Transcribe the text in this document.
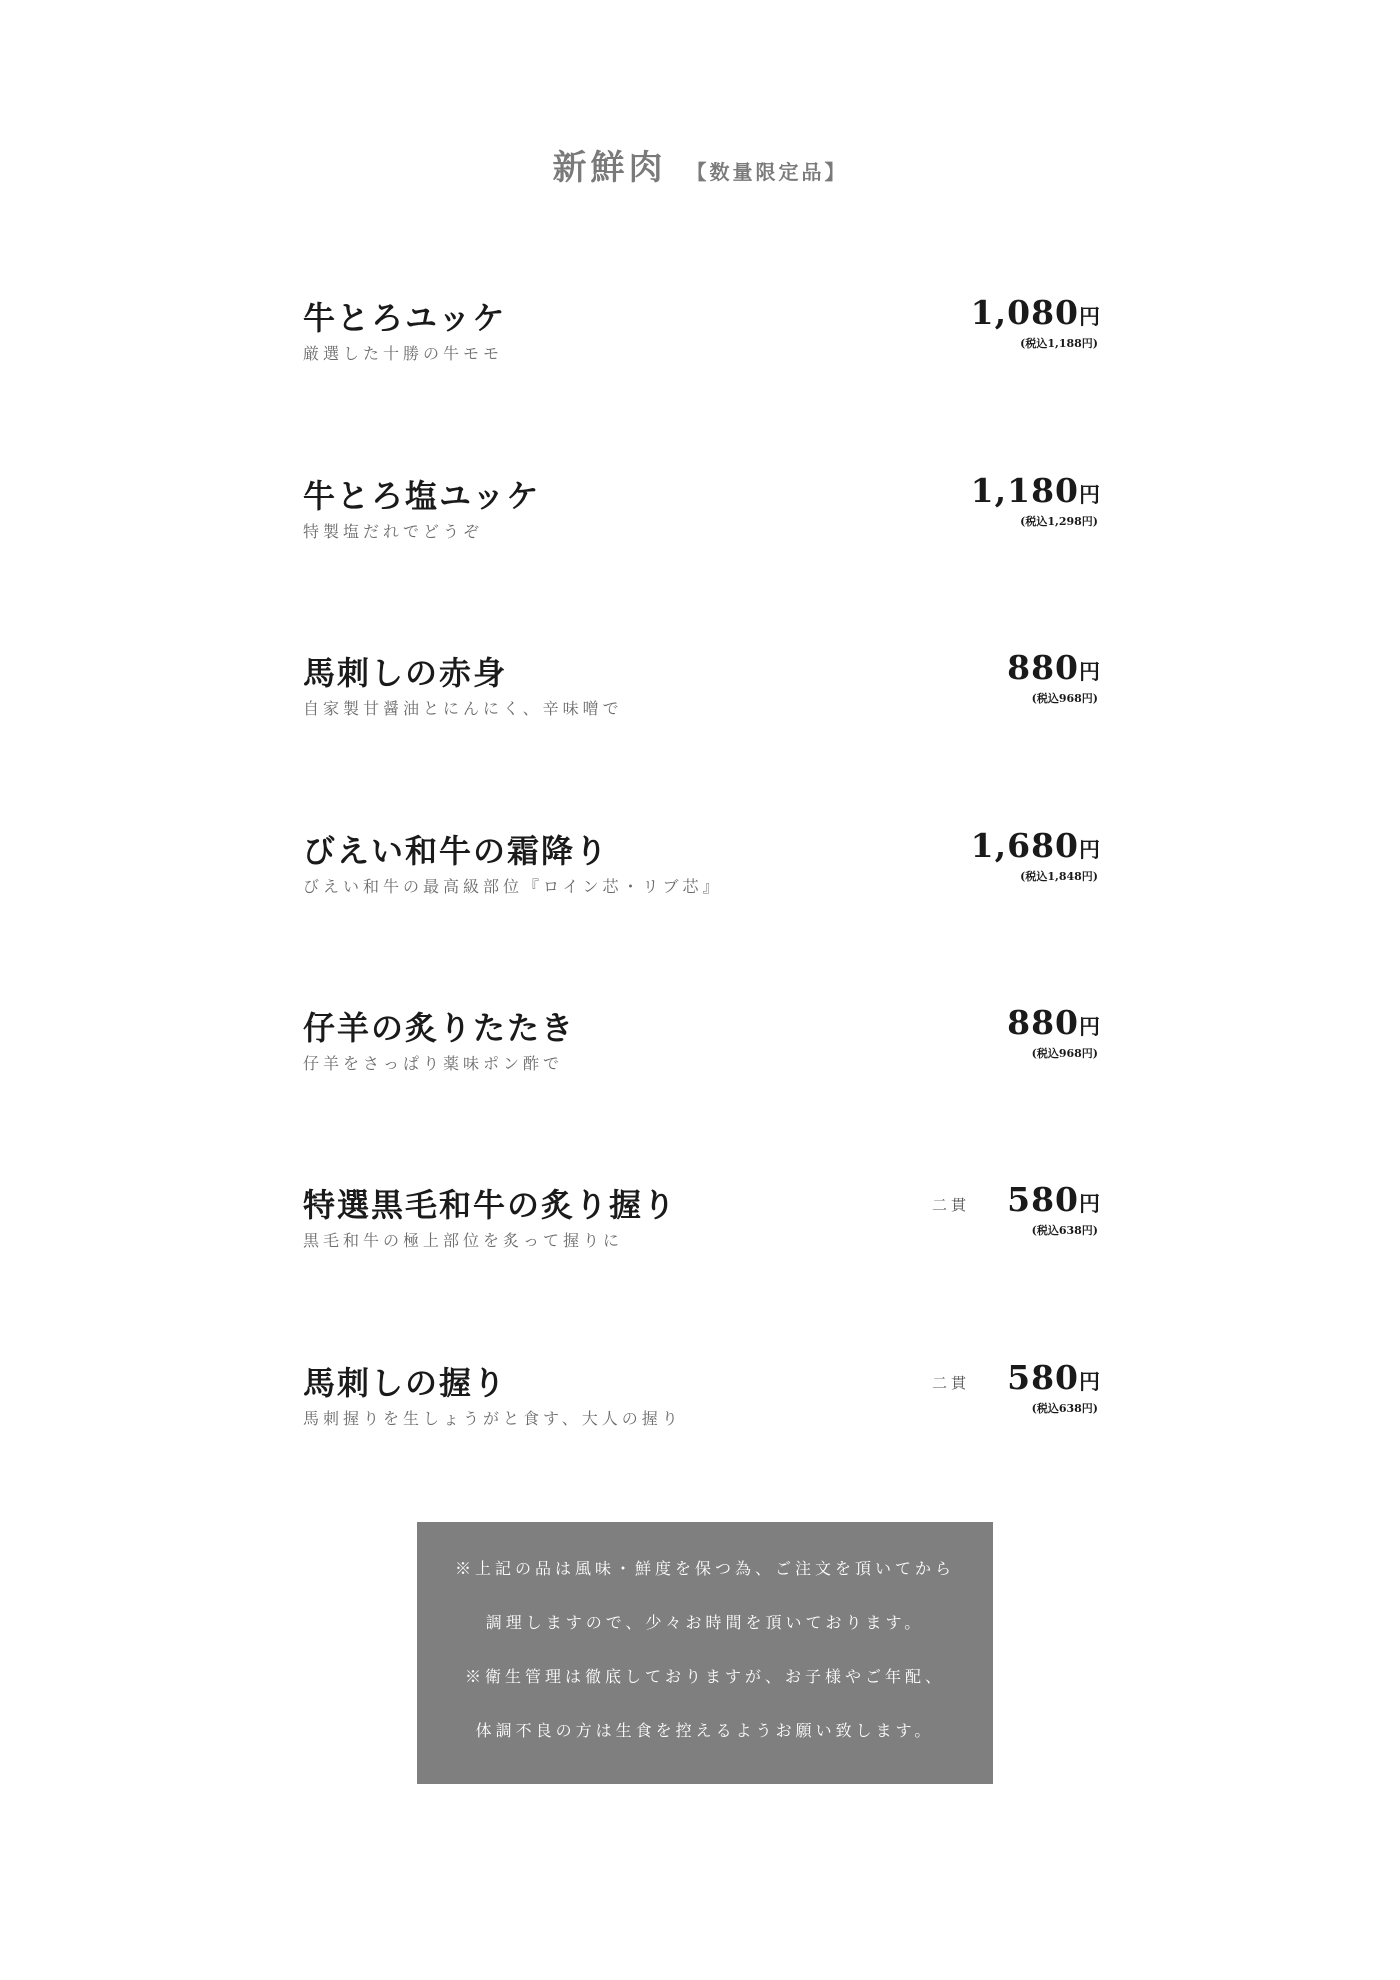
新鮮肉 【数量限定品】
牛とろユッケ
厳選した十勝の牛モモ
1,080円
(税込1,188円)
牛とろ塩ユッケ
特製塩だれでどうぞ
1,180円
(税込1,298円)
馬刺しの赤身
自家製甘醤油とにんにく、辛味噌で
880円
(税込968円)
びえい和牛の霜降り
びえい和牛の最高級部位『ロイン芯・リブ芯』
1,680円
(税込1,848円)
仔羊の炙りたたき
仔羊をさっぱり薬味ポン酢で
880円
(税込968円)
特選黒毛和牛の炙り握り
黒毛和牛の極上部位を炙って握りに
二貫	580円
(税込638円)
馬刺しの握り
馬刺握りを生しょうがと食す、大人の握り
二貫	580円
(税込638円)
※上記の品は風味・鮮度を保つ為、ご注文を頂いてから
調理しますので、少々お時間を頂いております。
※衛生管理は徹底しておりますが、お子様やご年配、
体調不良の方は生食を控えるようお願い致します。
